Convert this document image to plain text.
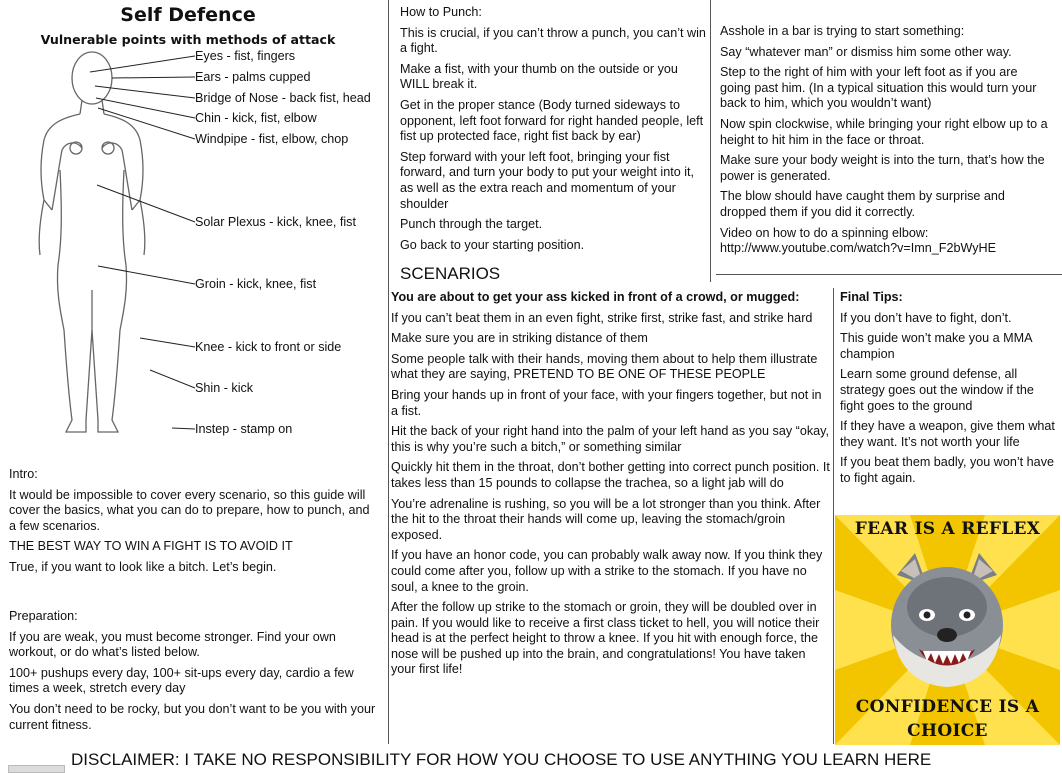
Self Defence
Vulnerable points with methods of attack
Eyes - fist, fingers
Ears - palms cupped
Bridge of Nose - back fist, head
Chin - kick, fist, elbow
Windpipe - fist, elbow, chop
Solar Plexus - kick, knee, fist
Groin - kick, knee, fist
Knee - kick to front or side
Shin - kick
Instep - stamp on

Intro:

It would be impossible to cover every scenario, so this guide will cover the basics, what you can do to prepare, how to punch, and a few scenarios.

THE BEST WAY TO WIN A FIGHT IS TO AVOID IT

True, if you want to look like a bitch. Let’s begin.

Preparation:

If you are weak, you must become stronger. Find your own workout, or do what’s listed below.

100+ pushups every day, 100+ sit-ups every day, cardio a few times a week, stretch every day

You don’t need to be rocky, but you don’t want to be you with your current fitness.

How to Punch:

This is crucial, if you can’t throw a punch, you can’t win a fight.

Make a fist, with your thumb on the outside or you WILL break it.

Get in the proper stance (Body turned sideways to opponent, left foot forward for right handed people, left fist up protected face, right fist back by ear)

Step forward with your left foot, bringing your fist forward, and turn your body to put your weight into it, as well as the extra reach and momentum of your shoulder

Punch through the target.

Go back to your starting position.

Asshole in a bar is trying to start something:

Say “whatever man” or dismiss him some other way.

Step to the right of him with your left foot as if you are going past him. (In a typical situation this would turn your back to him, which you wouldn’t want)

Now spin clockwise, while bringing your right elbow up to a height to hit him in the face or throat.

Make sure your body weight is into the turn, that’s how the power is generated.

The blow should have caught them by surprise and dropped them if you did it correctly.

Video on how to do a spinning elbow: http://www.youtube.com/watch?v=Imn_F2bWyHE

SCENARIOS

You are about to get your ass kicked in front of a crowd, or mugged:

If you can’t beat them in an even fight, strike first, strike fast, and strike hard

Make sure you are in striking distance of them

Some people talk with their hands, moving them about to help them illustrate what they are saying, PRETEND TO BE ONE OF THESE PEOPLE

Bring your hands up in front of your face, with your fingers together, but not in a fist.

Hit the back of your right hand into the palm of your left hand as you say “okay, this is why you’re such a bitch,” or something similar

Quickly hit them in the throat, don’t bother getting into correct punch position. It takes less than 15 pounds to collapse the trachea, so a light jab will do

You’re adrenaline is rushing, so you will be a lot stronger than you think. After the hit to the throat their hands will come up, leaving the stomach/groin exposed.

If you have an honor code, you can probably walk away now. If you think they could come after you, follow up with a strike to the stomach. If you have no soul, a knee to the groin.

After the follow up strike to the stomach or groin, they will be doubled over in pain. If you would like to receive a first class ticket to hell, you will notice their head is at the perfect height to throw a knee. If you hit with enough force, the nose will be pushed up into the brain, and congratulations! You have taken your first life!

Final Tips:

If you don’t have to fight, don’t.

This guide won’t make you a MMA champion

Learn some ground defense, all strategy goes out the window if the fight goes to the ground

If they have a weapon, give them what they want. It’s not worth your life

If you beat them badly, you won’t have to fight again.

FEAR IS A REFLEX
CONFIDENCE IS A CHOICE
DISCLAIMER: I TAKE NO RESPONSIBILITY FOR HOW YOU CHOOSE TO USE ANYTHING YOU LEARN HERE
